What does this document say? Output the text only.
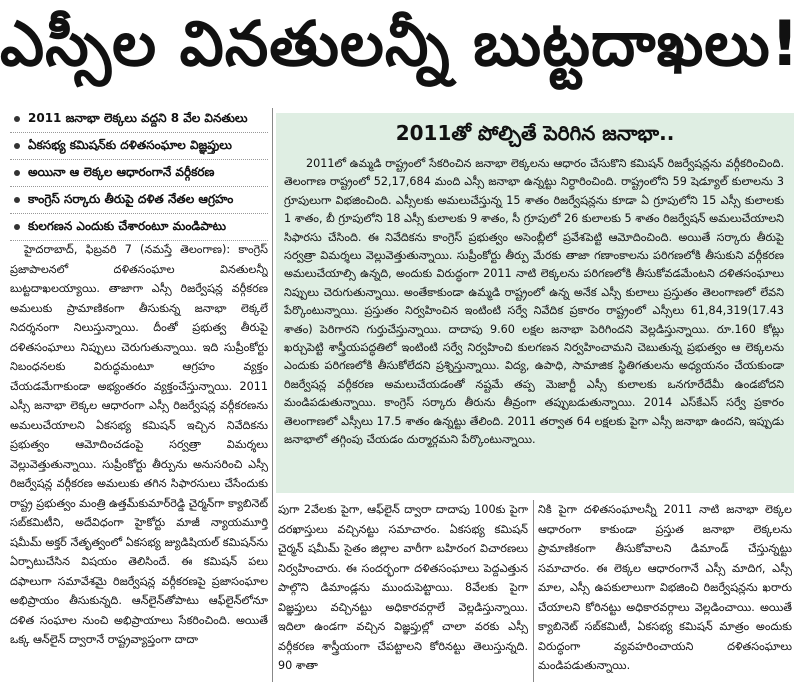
ఎస్సీల వినతులన్నీ బుట్టదాఖలు!
2011 జనాభా లెక్కలు వద్దని 8 వేల వినతులు
ఏకసభ్య కమిషన్‌కు దళితసంఘాల విజ్ఞప్తులు
అయినా ఆ లెక్కల ఆధారంగానే వర్గీకరణ
కాంగ్రెస్ సర్కారు తీరుపై దళిత నేతల ఆగ్రహం
కులగణన ఎందుకు చేశారంటూ మండిపాటు

హైదరాబాద్, ఫిబ్రవరి 7 (నమస్తే తెలంగాణ): కాంగ్రెస్ ప్రజాపాలనలో దళితసంఘాల వినతులన్నీ బుట్టదాఖలయ్యాయి. తాజాగా ఎస్సీ రిజర్వేషన్ల వర్గీకరణ అమలుకు ప్రామాణికంగా తీసుకున్న జనాభా లెక్కలే నిదర్శనంగా నిలుస్తున్నాయి. దీంతో ప్రభుత్వ తీరుపై దళితసంఘాలు నిప్పులు చెరుగుతున్నాయి. ఇది సుప్రీంకోర్టు నిబంధనలకు విరుద్ధమంటూ ఆగ్రహం వ్యక్తం చేయడమేగాకుండా అభ్యంతరం వ్యక్తంచేస్తున్నాయి. 2011 ఎస్సీ జనాభా లెక్కల ఆధారంగా ఎస్సీ రిజర్వేషన్ల వర్గీకరణను అమలుచేయాలని ఏకసభ్య కమిషన్ ఇచ్చిన నివేదికను ప్రభుత్వం ఆమోదించడంపై సర్వత్రా విమర్శలు వెల్లువెత్తుతున్నాయి. సుప్రీంకోర్టు తీర్పును అనుసరించి ఎస్సీ రిజర్వేషన్ల వర్గీకరణ అమలుకు తగిన సిఫారసులు చేసేందుకు రాష్ట్ర ప్రభుత్వం మంత్రి ఉత్తమ్‌కుమార్‌రెడ్డి చైర్మన్‌గా క్యాబినెట్ సబ్‌కమిటీని, అదేవిధంగా హైకోర్టు మాజీ న్యాయమూర్తి షమీమ్ అక్తర్ నేతృత్వంలో ఏకసభ్య జ్యుడిషియల్ కమిషన్‌ను ఏర్పాటుచేసిన విషయం తెలిసిందే. ఈ కమిషన్ పలు దఫాలుగా సమావేశమై రిజర్వేషన్ల వర్గీకరణపై ప్రజాసంఘాల అభిప్రాయం తీసుకున్నది. ఆన్‌లైన్‌తోపాటు ఆఫ్‌లైన్‌లోనూ దళిత సంఘాల నుంచి అభిప్రాయాలు సేకరించింది. అయితే ఒక్క ఆన్‌లైన్ ద్వారానే రాష్ట్రవ్యాప్తంగా దాదా

2011తో పోల్చితే పెరిగిన జనాభా..

2011లో ఉమ్మడి రాష్ట్రంలో సేకరించిన జనాభా లెక్కలను ఆధారం చేసుకొని కమిషన్ రిజర్వేషన్లను వర్గీకరించింది. తెలంగాణ రాష్ట్రంలో 52,17,684 మంది ఎస్సీ జనాభా ఉన్నట్టు నిర్ధారించింది. రాష్ట్రంలోని 59 షెడ్యూల్ కులాలను 3 గ్రూపులుగా విభజించింది. ఎస్సీలకు అమలుచేస్తున్న 15 శాతం రిజర్వేషన్లను కూడా ఏ గ్రూపులోని 15 ఎస్సీ కులాలకు 1 శాతం, బీ గ్రూపులోని 18 ఎస్సీ కులాలకు 9 శాతం, సీ గ్రూపులో 26 కులాలకు 5 శాతం రిజర్వేషన్ అమలుచేయాలని సిఫారసు చేసింది. ఈ నివేదికను కాంగ్రెస్ ప్రభుత్వం అసెంబ్లీలో ప్రవేశపెట్టి ఆమోదించింది. అయితే సర్కారు తీరుపై సర్వత్రా విమర్శలు వెల్లువెత్తుతున్నాయి. సుప్రీంకోర్టు తీర్పు మేరకు తాజా గణాంకాలను పరిగణలోకి తీసుకుని వర్గీకరణ అమలుచేయాల్సి ఉన్నది, అందుకు విరుద్ధంగా 2011 నాటి లెక్కలను పరిగణలోకి తీసుకోవడమేంటని దళితసంఘాలు నిప్పులు చెరుగుతున్నాయి. అంతేకాకుండా ఉమ్మడి రాష్ట్రంలో ఉన్న అనేక ఎస్సీ కులాలు ప్రస్తుతం తెలంగాణలో లేవని పేర్కొంటున్నాయి. ప్రస్తుతం నిర్వహించిన ఇంటింటి సర్వే నివేదిక ప్రకారం రాష్ట్రంలో ఎస్సీలు 61,84,319(17.43 శాతం) పెరిగారని గుర్తుచేస్తున్నాయి. దాదాపు 9.60 లక్షల జనాభా పెరిగిందని వెల్లడిస్తున్నాయి. రూ.160 కోట్లు ఖర్చుపెట్టి శాస్త్రీయపద్ధతిలో ఇంటింటి సర్వే నిర్వహించి కులగణన నిర్వహించామని చెబుతున్న ప్రభుత్వం ఆ లెక్కలను ఎందుకు పరిగణలోకి తీసుకోలేదని ప్రశ్నిస్తున్నాయి. విద్య, ఉపాధి, సామాజిక స్థితిగతులను అధ్యయనం చేయకుండా రిజర్వేషన్ల వర్గీకరణ అమలుచేయడంతో నష్టమే తప్ప మెజార్టీ ఎస్సీ కులాలకు ఒనగూరేదేమీ ఉండబోదని మండిపడుతున్నాయి. కాంగ్రెస్ సర్కారు తీరును తీవ్రంగా తప్పుబడుతున్నాయి. 2014 ఎస్‌కేఎస్ సర్వే ప్రకారం తెలంగాణలో ఎస్సీలు 17.5 శాతం ఉన్నట్టు తేలింది. 2011 తర్వాత 64 లక్షలకు పైగా ఎస్సీ జనాభా ఉందని, ఇప్పుడు జనాభాలో తగ్గింపు చేయడం దుర్మార్గమని పేర్కొంటున్నాయి.

పుగా 2వేలకు పైగా, ఆఫ్‌లైన్ ద్వారా దాదాపు 100కు పైగా దరఖాస్తులు వచ్చినట్టు సమాచారం. ఏకసభ్య కమిషన్ చైర్మన్ షమీమ్ సైతం జిల్లాల వారీగా బహిరంగ విచారణలు నిర్వహించారు. ఈ సందర్భంగా దళితసంఘాలు పెద్దఎత్తున పాల్గొని డిమాండ్లను ముందుపెట్టాయి. 8వేలకు పైగా విజ్ఞప్తులు వచ్చినట్టు అధికారవర్గాలే వెల్లడిస్తున్నాయి. ఇదిలా ఉండగా వచ్చిన విజ్ఞప్తుల్లో చాలా వరకు ఎస్సీ వర్గీకరణ శాస్త్రీయంగా చేపట్టాలని కోరినట్టు తెలుస్తున్నది. 90 శాతా

నికి పైగా దళితసంఘాలన్నీ 2011 నాటి జనాభా లెక్కల ఆధారంగా కాకుండా ప్రస్తుత జనాభా లెక్కలను ప్రామాణికంగా తీసుకోవాలని డిమాండ్ చేస్తున్నట్టు సమాచారం. ఈ లెక్కల ఆధారంగానే ఎస్సీ మాదిగ, ఎస్సీ మాల, ఎస్సీ ఉపకులాలుగా విభజించి రిజర్వేషన్లను ఖరారు చేయాలని కోరినట్టు అధికారవర్గాలు వెల్లడించాయి. అయితే క్యాబినెట్ సబ్‌కమిటీ, ఏకసభ్య కమిషన్ మాత్రం అందుకు విరుద్ధంగా వ్యవహరించాయని దళితసంఘాలు మండిపడుతున్నాయి.
